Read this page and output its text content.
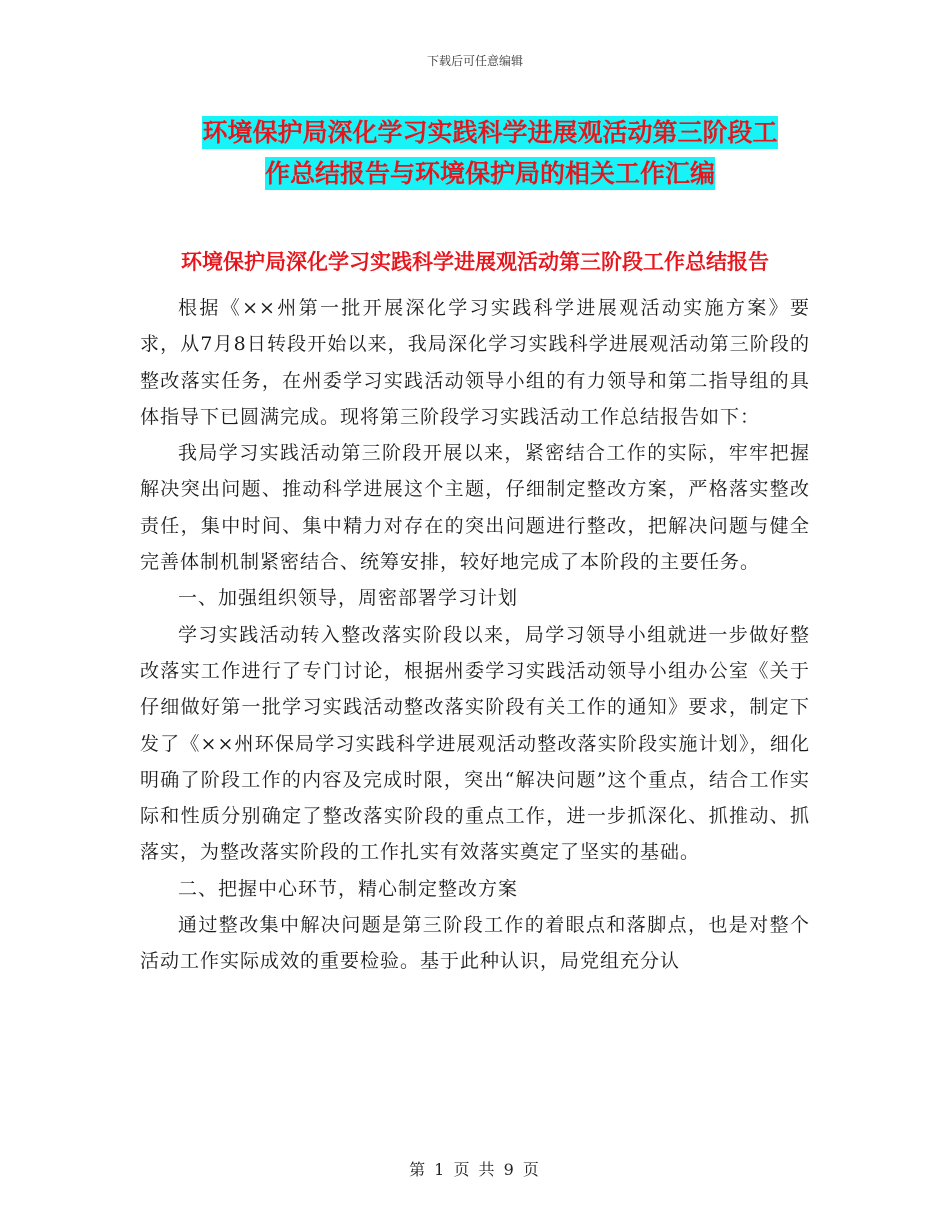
下载后可任意编辑
环境保护局深化学习实践科学进展观活动第三阶段工
作总结报告与环境保护局的相关工作汇编
环境保护局深化学习实践科学进展观活动第三阶段工作总结报告

根据《××州第一批开展深化学习实践科学进展观活动实施方案》要求，从7月8日转段开始以来，我局深化学习实践科学进展观活动第三阶段的整改落实任务，在州委学习实践活动领导小组的有力领导和第二指导组的具体指导下已圆满完成。现将第三阶段学习实践活动工作总结报告如下：

我局学习实践活动第三阶段开展以来，紧密结合工作的实际，牢牢把握解决突出问题、推动科学进展这个主题，仔细制定整改方案，严格落实整改责任，集中时间、集中精力对存在的突出问题进行整改，把解决问题与健全完善体制机制紧密结合、统筹安排，较好地完成了本阶段的主要任务。

一、加强组织领导，周密部署学习计划

学习实践活动转入整改落实阶段以来，局学习领导小组就进一步做好整改落实工作进行了专门讨论，根据州委学习实践活动领导小组办公室《关于仔细做好第一批学习实践活动整改落实阶段有关工作的通知》要求，制定下发了《××州环保局学习实践科学进展观活动整改落实阶段实施计划》，细化明确了阶段工作的内容及完成时限，突出“解决问题”这个重点，结合工作实际和性质分别确定了整改落实阶段的重点工作，进一步抓深化、抓推动、抓落实，为整改落实阶段的工作扎实有效落实奠定了坚实的基础。

二、把握中心环节，精心制定整改方案

通过整改集中解决问题是第三阶段工作的着眼点和落脚点，也是对整个活动工作实际成效的重要检验。基于此种认识，局党组充分认

第 1 页 共 9 页
